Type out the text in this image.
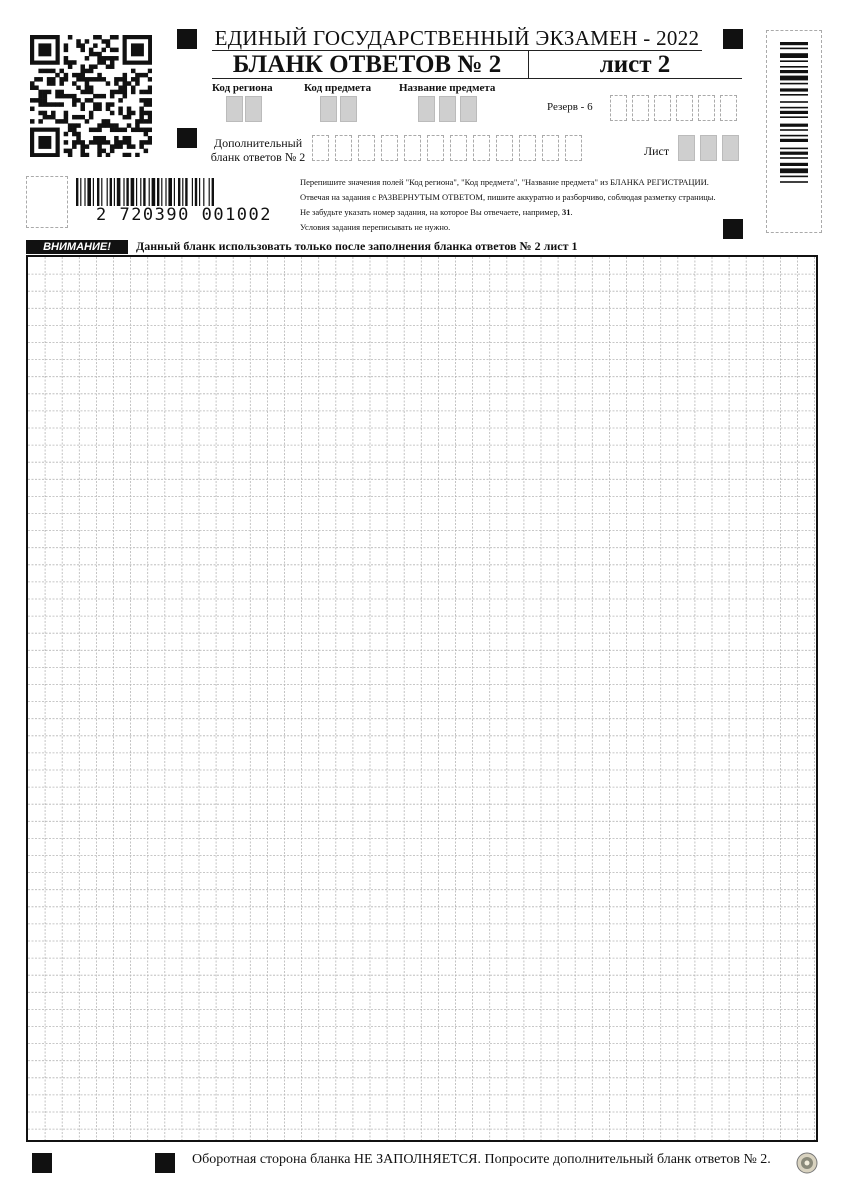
ЕДИНЫЙ ГОСУДАРСТВЕННЫЙ ЭКЗАМЕН - 2022
БЛАНК ОТВЕТОВ № 2	лист 2
Код региона	Код предмета	Название предмета
Резерв - 6
Дополнительный
бланк ответов № 2	Лист
2 720390 001002
Перепишите значения полей "Код региона", "Код предмета", "Название предмета" из БЛАНКА РЕГИСТРАЦИИ.
Отвечая на задания с РАЗВЕРНУТЫМ ОТВЕТОМ, пишите аккуратно и разборчиво, соблюдая разметку страницы.
Не забудьте указать номер задания, на которое Вы отвечаете, например, 31.
Условия задания переписывать не нужно.
ВНИМАНИЕ!	Данный бланк использовать только после заполнения бланка ответов № 2 лист 1
Оборотная сторона бланка НЕ ЗАПОЛНЯЕТСЯ. Попросите дополнительный бланк ответов № 2.
